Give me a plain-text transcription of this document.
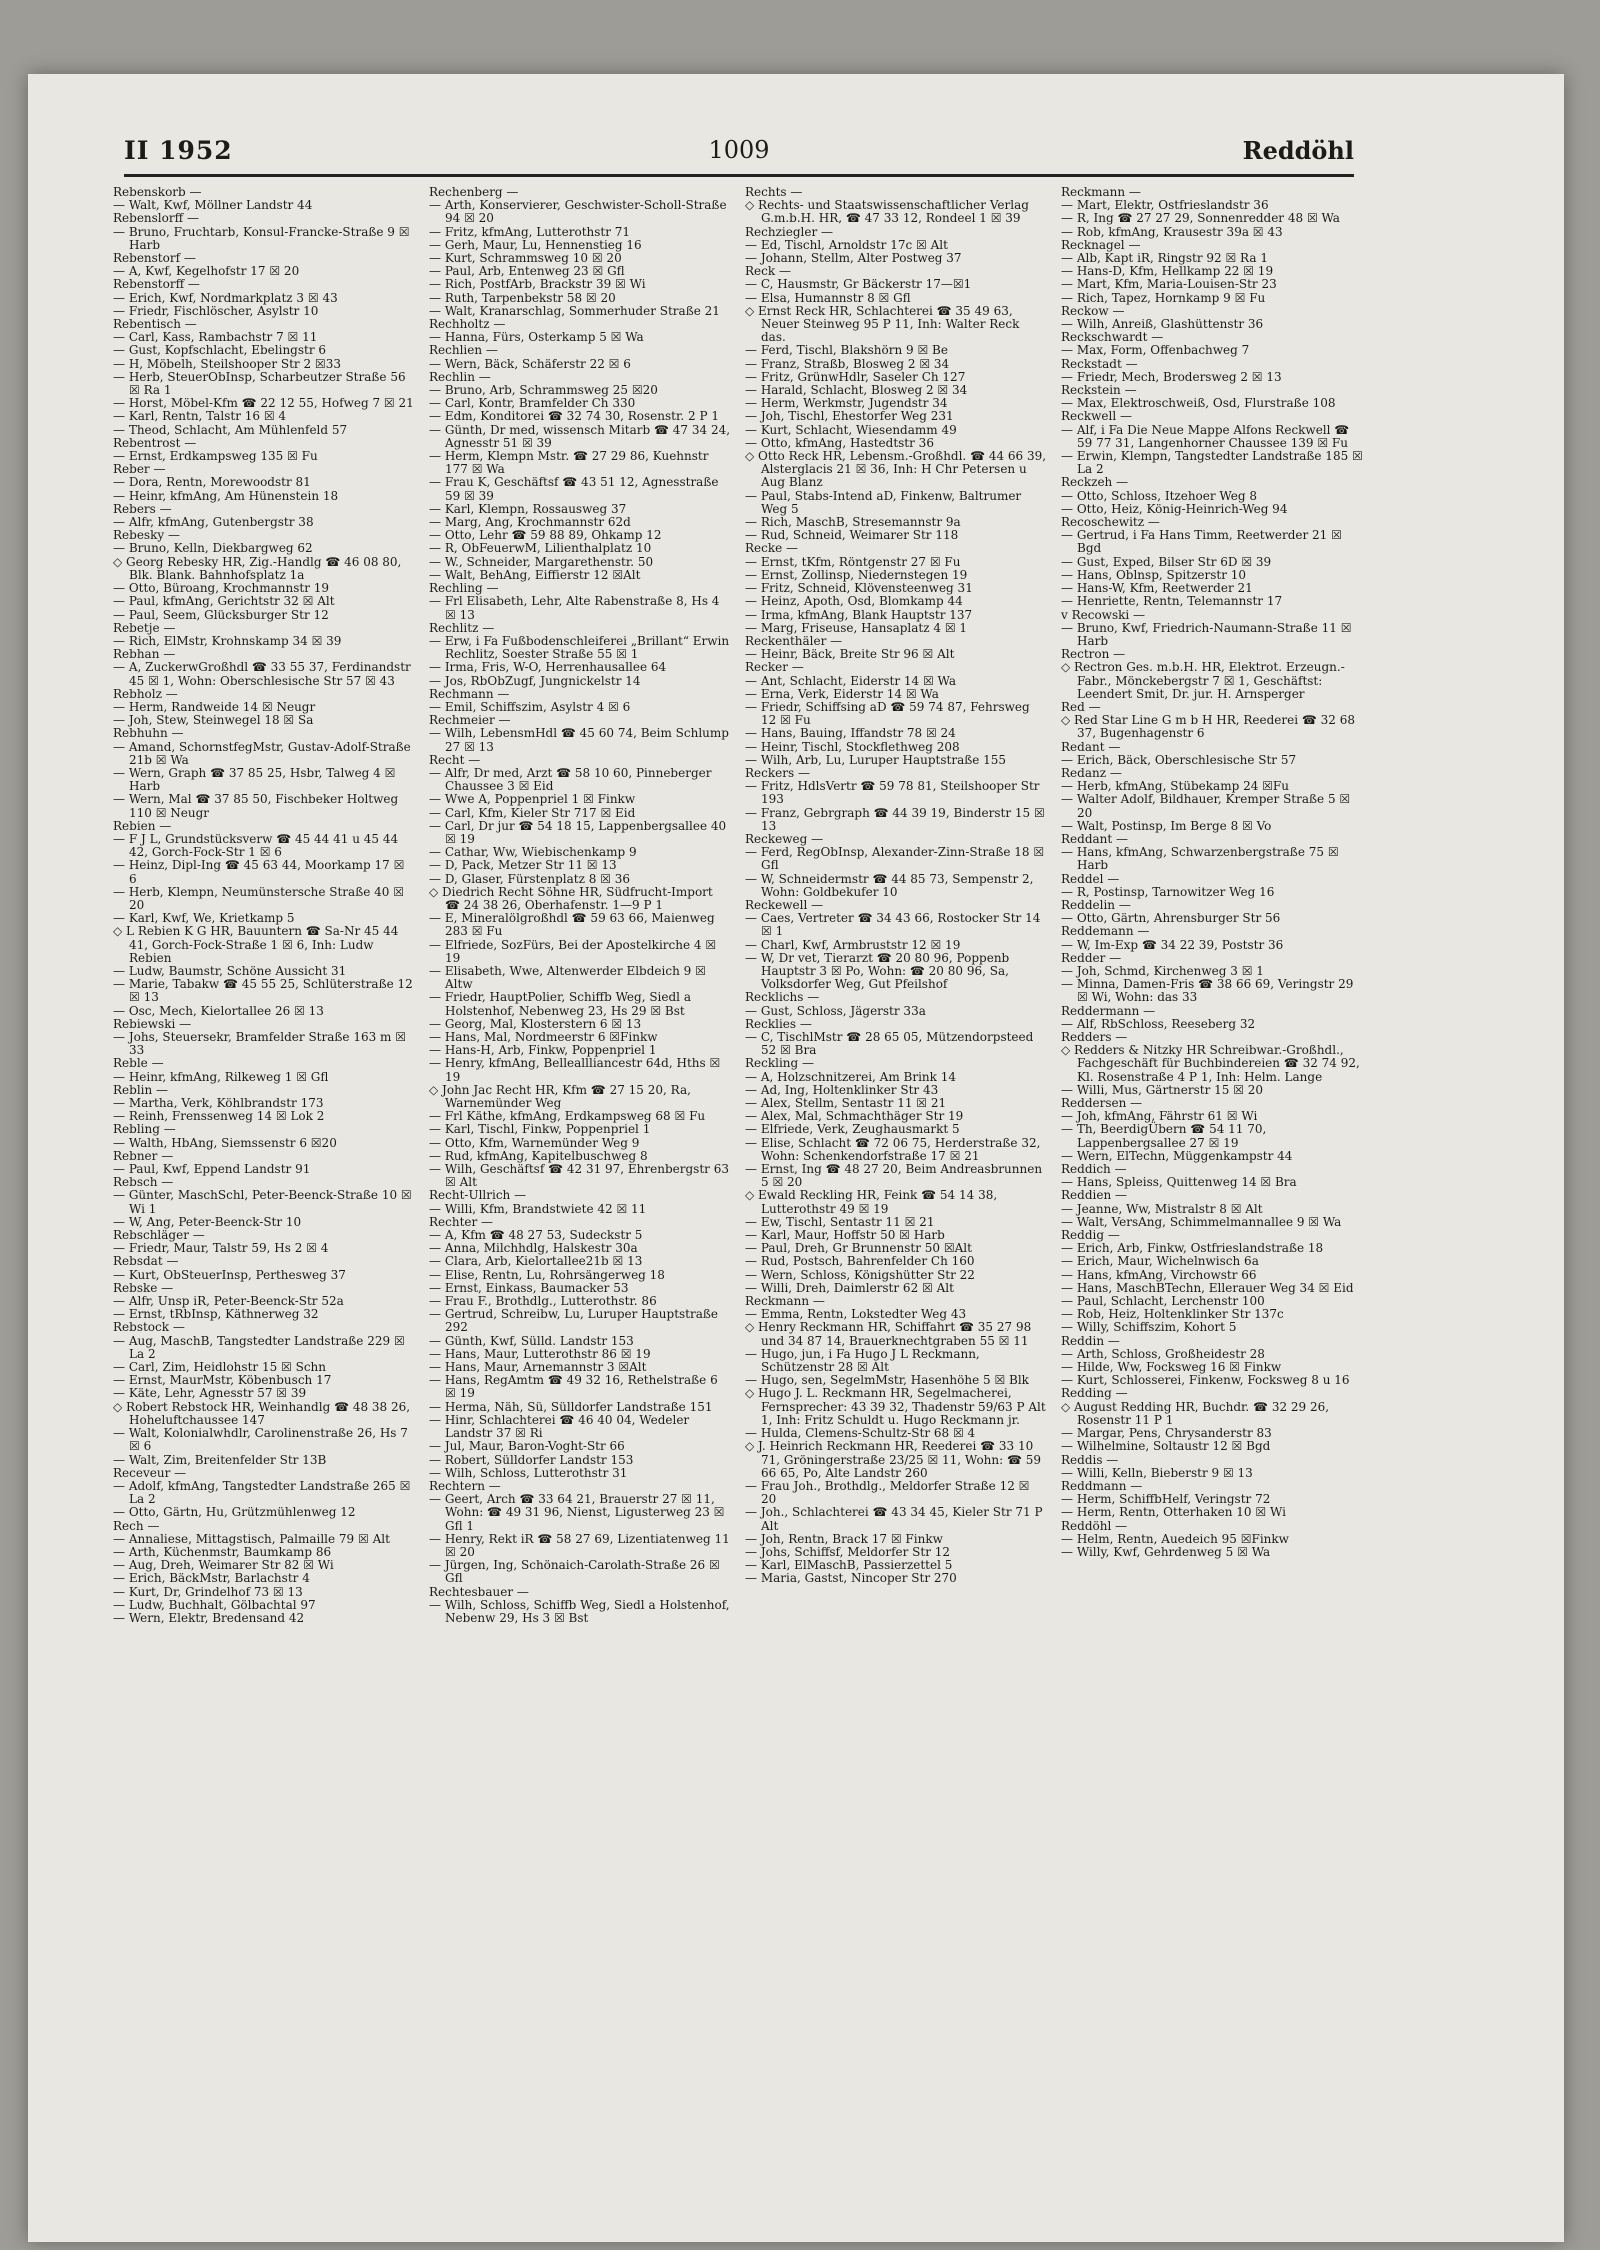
II 1952	1009	Reddöhl

Rebenskorb —

— Walt, Kwf, Möllner Landstr 44

Rebenslorff —

— Bruno, Fruchtarb, Konsul-Francke-Straße 9 ☒ Harb

Rebenstorf —

— A, Kwf, Kegelhofstr 17 ☒ 20

Rebenstorff —

— Erich, Kwf, Nordmarkplatz 3 ☒ 43

— Friedr, Fischlöscher, Asylstr 10

Rebentisch —

— Carl, Kass, Rambachstr 7 ☒ 11

— Gust, Kopfschlacht, Ebelingstr 6

— H, Möbelh, Steilshooper Str 2 ☒33

— Herb, SteuerObInsp, Scharbeutzer Straße 56 ☒ Ra 1

— Horst, Möbel-Kfm ☎ 22 12 55, Hofweg 7 ☒ 21

— Karl, Rentn, Talstr 16 ☒ 4

— Theod, Schlacht, Am Mühlenfeld 57

Rebentrost —

— Ernst, Erdkampsweg 135 ☒ Fu

Reber —

— Dora, Rentn, Morewoodstr 81

— Heinr, kfmAng, Am Hünenstein 18

Rebers —

— Alfr, kfmAng, Gutenbergstr 38

Rebesky —

— Bruno, Kelln, Diekbargweg 62

◇ Georg Rebesky HR, Zig.-Handlg ☎ 46 08 80, Blk. Blank. Bahnhofsplatz 1a

— Otto, Büroang, Krochmannstr 19

— Paul, kfmAng, Gerichtstr 32 ☒ Alt

— Paul, Seem, Glücksburger Str 12

Rebetje —

— Rich, ElMstr, Krohnskamp 34 ☒ 39

Rebhan —

— A, ZuckerwGroßhdl ☎ 33 55 37, Ferdinandstr 45 ☒ 1, Wohn: Oberschlesische Str 57 ☒ 43

Rebholz —

— Herm, Randweide 14 ☒ Neugr

— Joh, Stew, Steinwegel 18 ☒ Sa

Rebhuhn —

— Amand, SchornstfegMstr, Gustav-Adolf-Straße 21b ☒ Wa

— Wern, Graph ☎ 37 85 25, Hsbr, Talweg 4 ☒ Harb

— Wern, Mal ☎ 37 85 50, Fischbeker Holtweg 110 ☒ Neugr

Rebien —

— F J L, Grundstücksverw ☎ 45 44 41 u 45 44 42, Gorch-Fock-Str 1 ☒ 6

— Heinz, Dipl-Ing ☎ 45 63 44, Moorkamp 17 ☒ 6

— Herb, Klempn, Neumünstersche Straße 40 ☒ 20

— Karl, Kwf, We, Krietkamp 5

◇ L Rebien K G HR, Bauuntern ☎ Sa-Nr 45 44 41, Gorch-Fock-Straße 1 ☒ 6, Inh: Ludw Rebien

— Ludw, Baumstr, Schöne Aussicht 31

— Marie, Tabakw ☎ 45 55 25, Schlüterstraße 12 ☒ 13

— Osc, Mech, Kielortallee 26 ☒ 13

Rebiewski —

— Johs, Steuersekr, Bramfelder Straße 163 m ☒ 33

Reble —

— Heinr, kfmAng, Rilkeweg 1 ☒ Gfl

Reblin —

— Martha, Verk, Köhlbrandstr 173

— Reinh, Frenssenweg 14 ☒ Lok 2

Rebling —

— Walth, HbAng, Siemssenstr 6 ☒20

Rebner —

— Paul, Kwf, Eppend Landstr 91

Rebsch —

— Günter, MaschSchl, Peter-Beenck-Straße 10 ☒ Wi 1

— W, Ang, Peter-Beenck-Str 10

Rebschläger —

— Friedr, Maur, Talstr 59, Hs 2 ☒ 4

Rebsdat —

— Kurt, ObSteuerInsp, Perthesweg 37

Rebske —

— Alfr, Unsp iR, Peter-Beenck-Str 52a

— Ernst, tRbInsp, Käthnerweg 32

Rebstock —

— Aug, MaschB, Tangstedter Landstraße 229 ☒ La 2

— Carl, Zim, Heidlohstr 15 ☒ Schn

— Ernst, MaurMstr, Köbenbusch 17

— Käte, Lehr, Agnesstr 57 ☒ 39

◇ Robert Rebstock HR, Weinhandlg ☎ 48 38 26, Hoheluftchaussee 147

— Walt, Kolonialwhdlr, Carolinenstraße 26, Hs 7 ☒ 6

— Walt, Zim, Breitenfelder Str 13B

Receveur —

— Adolf, kfmAng, Tangstedter Landstraße 265 ☒ La 2

— Otto, Gärtn, Hu, Grützmühlenweg 12

Rech —

— Annaliese, Mittagstisch, Palmaille 79 ☒ Alt

— Arth, Küchenmstr, Baumkamp 86

— Aug, Dreh, Weimarer Str 82 ☒ Wi

— Erich, BäckMstr, Barlachstr 4

— Kurt, Dr, Grindelhof 73 ☒ 13

— Ludw, Buchhalt, Gölbachtal 97

— Wern, Elektr, Bredensand 42

Rechenberg —

— Arth, Konservierer, Geschwister-Scholl-Straße 94 ☒ 20

— Fritz, kfmAng, Lutterothstr 71

— Gerh, Maur, Lu, Hennenstieg 16

— Kurt, Schrammsweg 10 ☒ 20

— Paul, Arb, Entenweg 23 ☒ Gfl

— Rich, PostfArb, Brackstr 39 ☒ Wi

— Ruth, Tarpenbekstr 58 ☒ 20

— Walt, Kranarschlag, Sommerhuder Straße 21

Rechholtz —

— Hanna, Fürs, Osterkamp 5 ☒ Wa

Rechlien —

— Wern, Bäck, Schäferstr 22 ☒ 6

Rechlin —

— Bruno, Arb, Schrammsweg 25 ☒20

— Carl, Kontr, Bramfelder Ch 330

— Edm, Konditorei ☎ 32 74 30, Rosenstr. 2 P 1

— Günth, Dr med, wissensch Mitarb ☎ 47 34 24, Agnesstr 51 ☒ 39

— Herm, Klempn Mstr. ☎ 27 29 86, Kuehnstr 177 ☒ Wa

— Frau K, Geschäftsf ☎ 43 51 12, Agnesstraße 59 ☒ 39

— Karl, Klempn, Rossausweg 37

— Marg, Ang, Krochmannstr 62d

— Otto, Lehr ☎ 59 88 89, Ohkamp 12

— R, ObFeuerwM, Lilienthalplatz 10

— W., Schneider, Margarethenstr. 50

— Walt, BehAng, Eiffierstr 12 ☒Alt

Rechling —

— Frl Elisabeth, Lehr, Alte Rabenstraße 8, Hs 4 ☒ 13

Rechlitz —

— Erw, i Fa Fußbodenschleiferei „Brillant“ Erwin Rechlitz, Soester Straße 55 ☒ 1

— Irma, Fris, W-O, Herrenhausallee 64

— Jos, RbObZugf, Jungnickelstr 14

Rechmann —

— Emil, Schiffszim, Asylstr 4 ☒ 6

Rechmeier —

— Wilh, LebensmHdl ☎ 45 60 74, Beim Schlump 27 ☒ 13

Recht —

— Alfr, Dr med, Arzt ☎ 58 10 60, Pinneberger Chaussee 3 ☒ Eid

— Wwe A, Poppenpriel 1 ☒ Finkw

— Carl, Kfm, Kieler Str 717 ☒ Eid

— Carl, Dr jur ☎ 54 18 15, Lappenbergsallee 40 ☒ 19

— Cathar, Ww, Wiebischenkamp 9

— D, Pack, Metzer Str 11 ☒ 13

— D, Glaser, Fürstenplatz 8 ☒ 36

◇ Diedrich Recht Söhne HR, Südfrucht-Import ☎ 24 38 26, Oberhafenstr. 1—9 P 1

— E, Mineralölgroßhdl ☎ 59 63 66, Maienweg 283 ☒ Fu

— Elfriede, SozFürs, Bei der Apostelkirche 4 ☒ 19

— Elisabeth, Wwe, Altenwerder Elbdeich 9 ☒ Altw

— Friedr, HauptPolier, Schiffb Weg, Siedl a Holstenhof, Nebenweg 23, Hs 29 ☒ Bst

— Georg, Mal, Klosterstern 6 ☒ 13

— Hans, Mal, Nordmeerstr 6 ☒Finkw

— Hans-H, Arb, Finkw, Poppenpriel 1

— Henry, kfmAng, Belleallliancestr 64d, Hths ☒ 19

◇ John Jac Recht HR, Kfm ☎ 27 15 20, Ra, Warnemünder Weg

— Frl Käthe, kfmAng, Erdkampsweg 68 ☒ Fu

— Karl, Tischl, Finkw, Poppenpriel 1

— Otto, Kfm, Warnemünder Weg 9

— Rud, kfmAng, Kapitelbuschweg 8

— Wilh, Geschäftsf ☎ 42 31 97, Ehrenbergstr 63 ☒ Alt

Recht-Ullrich —

— Willi, Kfm, Brandstwiete 42 ☒ 11

Rechter —

— A, Kfm ☎ 48 27 53, Sudeckstr 5

— Anna, Milchhdlg, Halskestr 30a

— Clara, Arb, Kielortallee21b ☒ 13

— Elise, Rentn, Lu, Rohrsängerweg 18

— Ernst, Einkass, Baumacker 53

— Frau F., Brothdlg., Lutterothstr. 86

— Gertrud, Schreibw, Lu, Luruper Hauptstraße 292

— Günth, Kwf, Sülld. Landstr 153

— Hans, Maur, Lutterothstr 86 ☒ 19

— Hans, Maur, Arnemannstr 3 ☒Alt

— Hans, RegAmtm ☎ 49 32 16, Rethelstraße 6 ☒ 19

— Herma, Näh, Sü, Sülldorfer Landstraße 151

— Hinr, Schlachterei ☎ 46 40 04, Wedeler Landstr 37 ☒ Ri

— Jul, Maur, Baron-Voght-Str 66

— Robert, Sülldorfer Landstr 153

— Wilh, Schloss, Lutterothstr 31

Rechtern —

— Geert, Arch ☎ 33 64 21, Brauerstr 27 ☒ 11, Wohn: ☎ 49 31 96, Nienst, Ligusterweg 23 ☒ Gfl 1

— Henry, Rekt iR ☎ 58 27 69, Lizentiatenweg 11 ☒ 20

— Jürgen, Ing, Schönaich-Carolath-Straße 26 ☒ Gfl

Rechtesbauer —

— Wilh, Schloss, Schiffb Weg, Siedl a Holstenhof, Nebenw 29, Hs 3 ☒ Bst

Rechts —

◇ Rechts- und Staatswissenschaftlicher Verlag G.m.b.H. HR, ☎ 47 33 12, Rondeel 1 ☒ 39

Rechziegler —

— Ed, Tischl, Arnoldstr 17c ☒ Alt

— Johann, Stellm, Alter Postweg 37

Reck —

— C, Hausmstr, Gr Bäckerstr 17—☒1

— Elsa, Humannstr 8 ☒ Gfl

◇ Ernst Reck HR, Schlachterei ☎ 35 49 63, Neuer Steinweg 95 P 11, Inh: Walter Reck das.

— Ferd, Tischl, Blakshörn 9 ☒ Be

— Franz, Straßb, Blosweg 2 ☒ 34

— Fritz, GrünwHdlr, Saseler Ch 127

— Harald, Schlacht, Blosweg 2 ☒ 34

— Herm, Werkmstr, Jugendstr 34

— Joh, Tischl, Ehestorfer Weg 231

— Kurt, Schlacht, Wiesendamm 49

— Otto, kfmAng, Hastedtstr 36

◇ Otto Reck HR, Lebensm.-Großhdl. ☎ 44 66 39, Alsterglacis 21 ☒ 36, Inh: H Chr Petersen u Aug Blanz

— Paul, Stabs-Intend aD, Finkenw, Baltrumer Weg 5

— Rich, MaschB, Stresemannstr 9a

— Rud, Schneid, Weimarer Str 118

Recke —

— Ernst, tKfm, Röntgenstr 27 ☒ Fu

— Ernst, Zollinsp, Niedernstegen 19

— Fritz, Schneid, Klövensteenweg 31

— Heinz, Apoth, Osd, Blomkamp 44

— Irma, kfmAng, Blank Hauptstr 137

— Marg, Friseuse, Hansaplatz 4 ☒ 1

Reckenthäler —

— Heinr, Bäck, Breite Str 96 ☒ Alt

Recker —

— Ant, Schlacht, Eiderstr 14 ☒ Wa

— Erna, Verk, Eiderstr 14 ☒ Wa

— Friedr, Schiffsing aD ☎ 59 74 87, Fehrsweg 12 ☒ Fu

— Hans, Bauing, Iffandstr 78 ☒ 24

— Heinr, Tischl, Stockflethweg 208

— Wilh, Arb, Lu, Luruper Hauptstraße 155

Reckers —

— Fritz, HdlsVertr ☎ 59 78 81, Steilshooper Str 193

— Franz, Gebrgraph ☎ 44 39 19, Binderstr 15 ☒ 13

Reckeweg —

— Ferd, RegObInsp, Alexander-Zinn-Straße 18 ☒ Gfl

— W, Schneidermstr ☎ 44 85 73, Sempenstr 2, Wohn: Goldbekufer 10

Reckewell —

— Caes, Vertreter ☎ 34 43 66, Rostocker Str 14 ☒ 1

— Charl, Kwf, Armbruststr 12 ☒ 19

— W, Dr vet, Tierarzt ☎ 20 80 96, Poppenb Hauptstr 3 ☒ Po, Wohn: ☎ 20 80 96, Sa, Volksdorfer Weg, Gut Pfeilshof

Recklichs —

— Gust, Schloss, Jägerstr 33a

Recklies —

— C, TischlMstr ☎ 28 65 05, Mützendorpsteed 52 ☒ Bra

Reckling —

— A, Holzschnitzerei, Am Brink 14

— Ad, Ing, Holtenklinker Str 43

— Alex, Stellm, Sentastr 11 ☒ 21

— Alex, Mal, Schmachthäger Str 19

— Elfriede, Verk, Zeughausmarkt 5

— Elise, Schlacht ☎ 72 06 75, Herderstraße 32, Wohn: Schenkendorfstraße 17 ☒ 21

— Ernst, Ing ☎ 48 27 20, Beim Andreasbrunnen 5 ☒ 20

◇ Ewald Reckling HR, Feink ☎ 54 14 38, Lutterothstr 49 ☒ 19

— Ew, Tischl, Sentastr 11 ☒ 21

— Karl, Maur, Hoffstr 50 ☒ Harb

— Paul, Dreh, Gr Brunnenstr 50 ☒Alt

— Rud, Postsch, Bahrenfelder Ch 160

— Wern, Schloss, Königshütter Str 22

— Willi, Dreh, Daimlerstr 62 ☒ Alt

Reckmann —

— Emma, Rentn, Lokstedter Weg 43

◇ Henry Reckmann HR, Schiffahrt ☎ 35 27 98 und 34 87 14, Brauerknechtgraben 55 ☒ 11

— Hugo, jun, i Fa Hugo J L Reckmann, Schützenstr 28 ☒ Alt

— Hugo, sen, SegelmMstr, Hasenhöhe 5 ☒ Blk

◇ Hugo J. L. Reckmann HR, Segelmacherei, Fernsprecher: 43 39 32, Thadenstr 59/63 P Alt 1, Inh: Fritz Schuldt u. Hugo Reckmann jr.

— Hulda, Clemens-Schultz-Str 68 ☒ 4

◇ J. Heinrich Reckmann HR, Reederei ☎ 33 10 71, Gröningerstraße 23/25 ☒ 11, Wohn: ☎ 59 66 65, Po, Alte Landstr 260

— Frau Joh., Brothdlg., Meldorfer Straße 12 ☒ 20

— Joh., Schlachterei ☎ 43 34 45, Kieler Str 71 P Alt

— Joh, Rentn, Brack 17 ☒ Finkw

— Johs, Schiffsf, Meldorfer Str 12

— Karl, ElMaschB, Passierzettel 5

— Maria, Gastst, Nincoper Str 270

Reckmann —

— Mart, Elektr, Ostfrieslandstr 36

— R, Ing ☎ 27 27 29, Sonnenredder 48 ☒ Wa

— Rob, kfmAng, Krausestr 39a ☒ 43

Recknagel —

— Alb, Kapt iR, Ringstr 92 ☒ Ra 1

— Hans-D, Kfm, Hellkamp 22 ☒ 19

— Mart, Kfm, Maria-Louisen-Str 23

— Rich, Tapez, Hornkamp 9 ☒ Fu

Reckow —

— Wilh, Anreiß, Glashüttenstr 36

Reckschwardt —

— Max, Form, Offenbachweg 7

Reckstadt —

— Friedr, Mech, Brodersweg 2 ☒ 13

Reckstein —

— Max, Elektroschweiß, Osd, Flurstraße 108

Reckwell —

— Alf, i Fa Die Neue Mappe Alfons Reckwell ☎ 59 77 31, Langenhorner Chaussee 139 ☒ Fu

— Erwin, Klempn, Tangstedter Landstraße 185 ☒ La 2

Reckzeh —

— Otto, Schloss, Itzehoer Weg 8

— Otto, Heiz, König-Heinrich-Weg 94

Recoschewitz —

— Gertrud, i Fa Hans Timm, Reetwerder 21 ☒ Bgd

— Gust, Exped, Bilser Str 6D ☒ 39

— Hans, Oblnsp, Spitzerstr 10

— Hans-W, Kfm, Reetwerder 21

— Henriette, Rentn, Telemannstr 17

v Recowski —

— Bruno, Kwf, Friedrich-Naumann-Straße 11 ☒ Harb

Rectron —

◇ Rectron Ges. m.b.H. HR, Elektrot. Erzeugn.-Fabr., Mönckebergstr 7 ☒ 1, Geschäftst: Leendert Smit, Dr. jur. H. Arnsperger

Red —

◇ Red Star Line G m b H HR, Reederei ☎ 32 68 37, Bugenhagenstr 6

Redant —

— Erich, Bäck, Oberschlesische Str 57

Redanz —

— Herb, kfmAng, Stübekamp 24 ☒Fu

— Walter Adolf, Bildhauer, Kremper Straße 5 ☒ 20

— Walt, Postinsp, Im Berge 8 ☒ Vo

Reddant —

— Hans, kfmAng, Schwarzenbergstraße 75 ☒ Harb

Reddel —

— R, Postinsp, Tarnowitzer Weg 16

Reddelin —

— Otto, Gärtn, Ahrensburger Str 56

Reddemann —

— W, Im-Exp ☎ 34 22 39, Poststr 36

Redder —

— Joh, Schmd, Kirchenweg 3 ☒ 1

— Minna, Damen-Fris ☎ 38 66 69, Veringstr 29 ☒ Wi, Wohn: das 33

Reddermann —

— Alf, RbSchloss, Reeseberg 32

Redders —

◇ Redders & Nitzky HR Schreibwar.-Großhdl., Fachgeschäft für Buchbindereien ☎ 32 74 92, Kl. Rosenstraße 4 P 1, Inh: Helm. Lange

— Willi, Mus, Gärtnerstr 15 ☒ 20

Reddersen —

— Joh, kfmAng, Fährstr 61 ☒ Wi

— Th, BeerdigÜbern ☎ 54 11 70, Lappenbergsallee 27 ☒ 19

— Wern, ElTechn, Müggenkampstr 44

Reddich —

— Hans, Spleiss, Quittenweg 14 ☒ Bra

Reddien —

— Jeanne, Ww, Mistralstr 8 ☒ Alt

— Walt, VersAng, Schimmelmannallee 9 ☒ Wa

Reddig —

— Erich, Arb, Finkw, Ostfrieslandstraße 18

— Erich, Maur, Wichelnwisch 6a

— Hans, kfmAng, Virchowstr 66

— Hans, MaschBTechn, Ellerauer Weg 34 ☒ Eid

— Paul, Schlacht, Lerchenstr 100

— Rob, Heiz, Holtenklinker Str 137c

— Willy, Schiffszim, Kohort 5

Reddin —

— Arth, Schloss, Großheidestr 28

— Hilde, Ww, Focksweg 16 ☒ Finkw

— Kurt, Schlosserei, Finkenw, Focksweg 8 u 16

Redding —

◇ August Redding HR, Buchdr. ☎ 32 29 26, Rosenstr 11 P 1

— Margar, Pens, Chrysanderstr 83

— Wilhelmine, Soltaustr 12 ☒ Bgd

Reddis —

— Willi, Kelln, Bieberstr 9 ☒ 13

Reddmann —

— Herm, SchiffbHelf, Veringstr 72

— Herm, Rentn, Otterhaken 10 ☒ Wi

Reddöhl —

— Helm, Rentn, Auedeich 95 ☒Finkw

— Willy, Kwf, Gehrdenweg 5 ☒ Wa
